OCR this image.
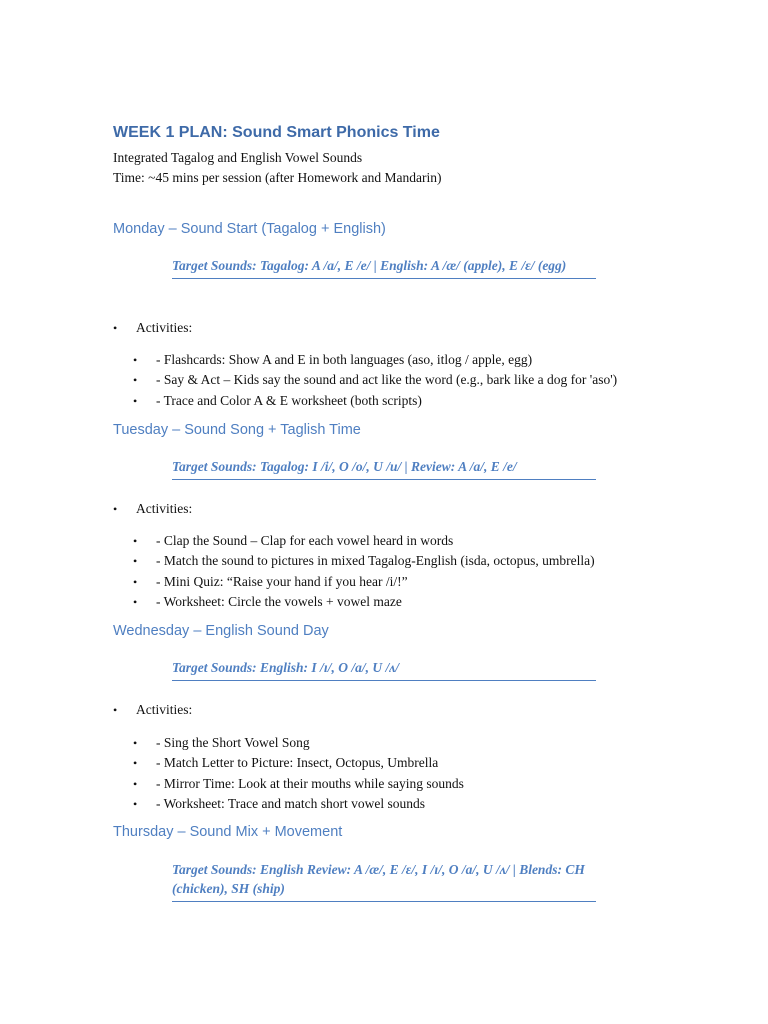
WEEK 1 PLAN: Sound Smart Phonics Time
Integrated Tagalog and English Vowel Sounds
Time: ~45 mins per session (after Homework and Mandarin)
Monday – Sound Start (Tagalog + English)
Target Sounds: Tagalog: A /a/, E /e/ | English: A /æ/ (apple), E /ɛ/ (egg)
• Activities:
• - Flashcards: Show A and E in both languages (aso, itlog / apple, egg)
• - Say & Act – Kids say the sound and act like the word (e.g., bark like a dog for 'aso')
• - Trace and Color A & E worksheet (both scripts)
Tuesday – Sound Song + Taglish Time
Target Sounds: Tagalog: I /i/, O /o/, U /u/ | Review: A /a/, E /e/
• Activities:
• - Clap the Sound – Clap for each vowel heard in words
• - Match the sound to pictures in mixed Tagalog-English (isda, octopus, umbrella)
• - Mini Quiz: “Raise your hand if you hear /i/!”
• - Worksheet: Circle the vowels + vowel maze
Wednesday – English Sound Day
Target Sounds: English: I /ɪ/, O /ɑ/, U /ʌ/
• Activities:
• - Sing the Short Vowel Song
• - Match Letter to Picture: Insect, Octopus, Umbrella
• - Mirror Time: Look at their mouths while saying sounds
• - Worksheet: Trace and match short vowel sounds
Thursday – Sound Mix + Movement
Target Sounds: English Review: A /æ/, E /ɛ/, I /ɪ/, O /ɑ/, U /ʌ/ | Blends: CH (chicken), SH (ship)
